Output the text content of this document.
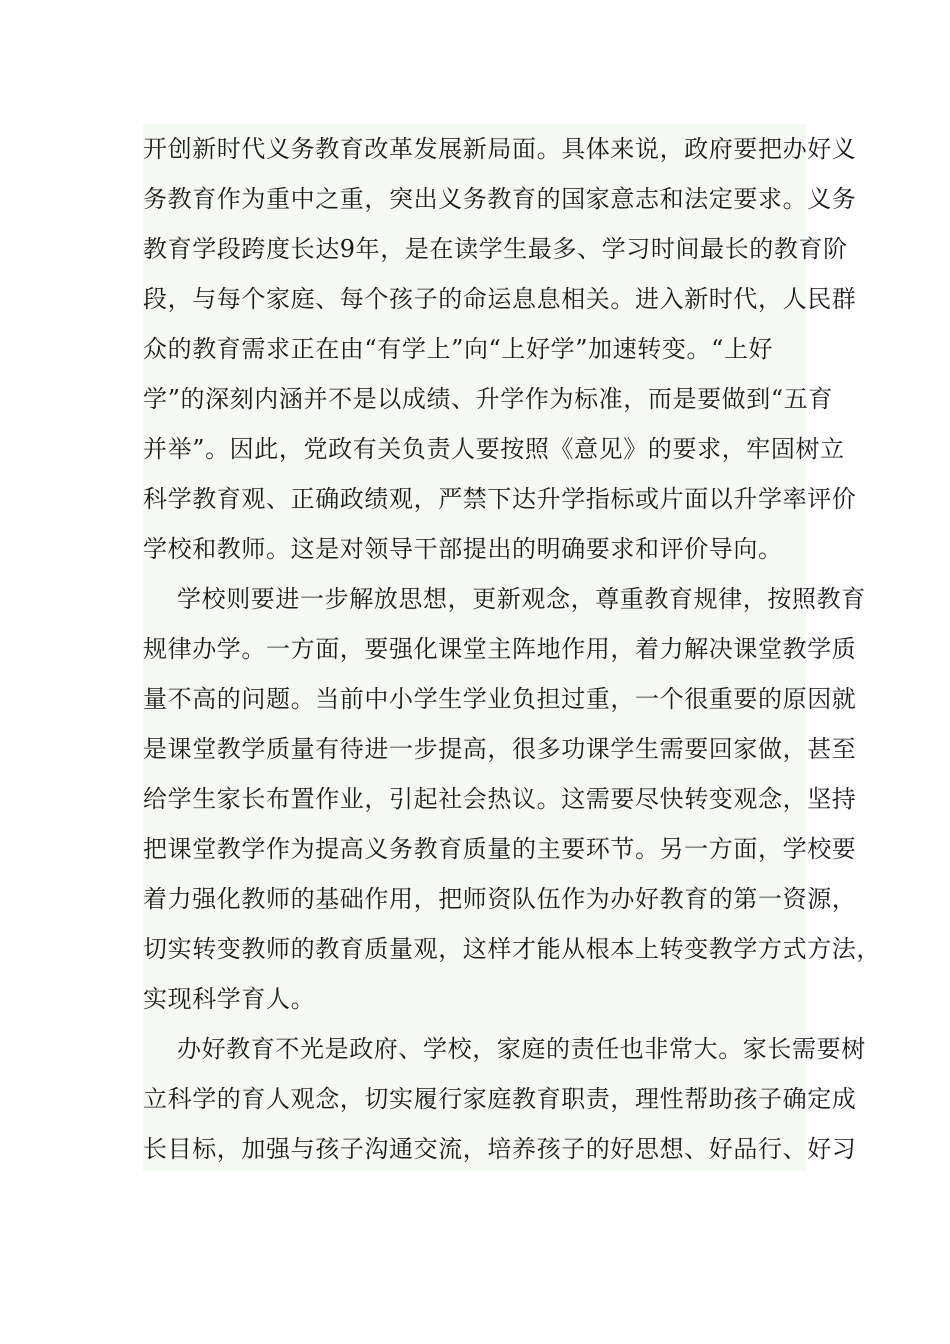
开创新时代义务教育改革发展新局面。具体来说，政府要把办好义
务教育作为重中之重，突出义务教育的国家意志和法定要求。义务
教育学段跨度长达9年，是在读学生最多、学习时间最长的教育阶
段，与每个家庭、每个孩子的命运息息相关。进入新时代，人民群
众的教育需求正在由“有学上”向“上好学”加速转变。“上好
学”的深刻内涵并不是以成绩、升学作为标准，而是要做到“五育
并举”。因此，党政有关负责人要按照《意见》的要求，牢固树立
科学教育观、正确政绩观，严禁下达升学指标或片面以升学率评价
学校和教师。这是对领导干部提出的明确要求和评价导向。
学校则要进一步解放思想，更新观念，尊重教育规律，按照教育
规律办学。一方面，要强化课堂主阵地作用，着力解决课堂教学质
量不高的问题。当前中小学生学业负担过重，一个很重要的原因就
是课堂教学质量有待进一步提高，很多功课学生需要回家做，甚至
给学生家长布置作业，引起社会热议。这需要尽快转变观念，坚持
把课堂教学作为提高义务教育质量的主要环节。另一方面，学校要
着力强化教师的基础作用，把师资队伍作为办好教育的第一资源，
切实转变教师的教育质量观，这样才能从根本上转变教学方式方法，
实现科学育人。
办好教育不光是政府、学校，家庭的责任也非常大。家长需要树
立科学的育人观念，切实履行家庭教育职责，理性帮助孩子确定成
长目标，加强与孩子沟通交流，培养孩子的好思想、好品行、好习
